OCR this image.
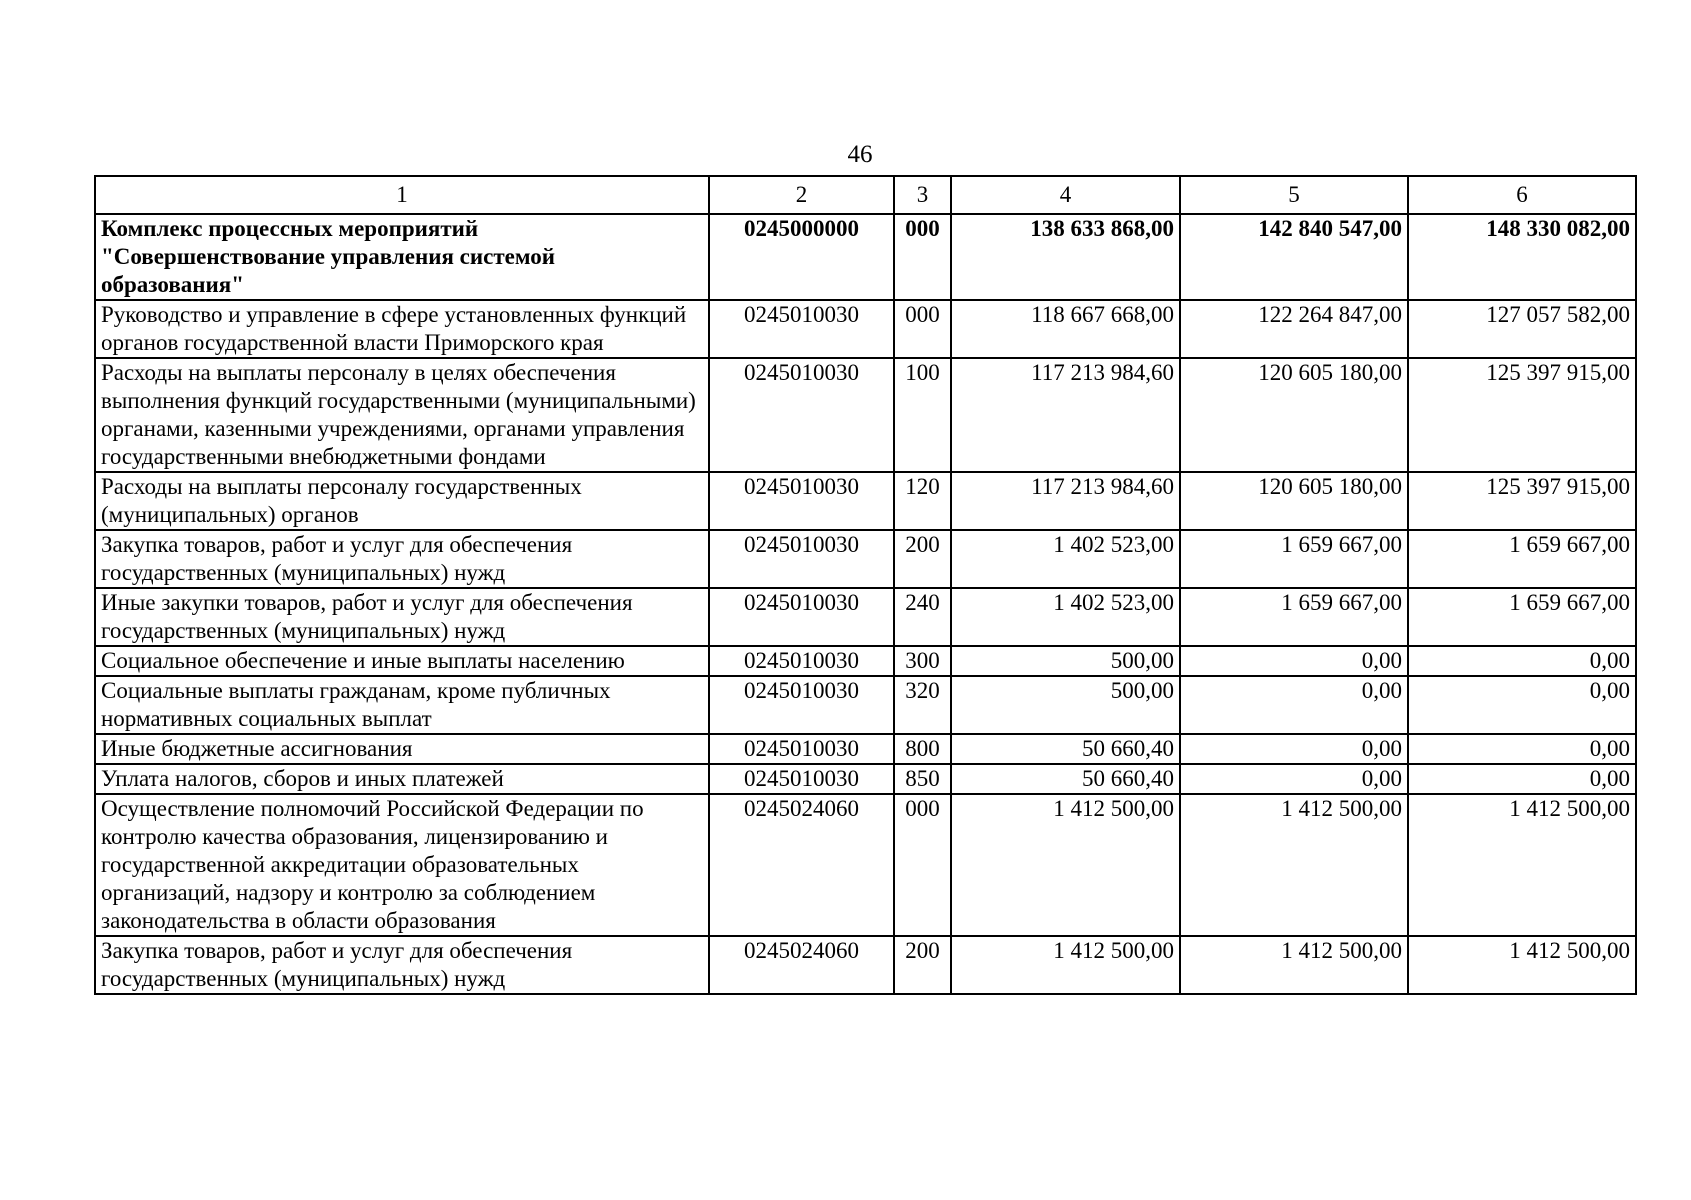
46
1	2	3	4	5	6
Комплекс процессных мероприятий "Совершенствование управления системой образования"	0245000000	000	138 633 868,00	142 840 547,00	148 330 082,00
Руководство и управление в сфере установленных функций органов государственной власти Приморского края	0245010030	000	118 667 668,00	122 264 847,00	127 057 582,00
Расходы на выплаты персоналу в целях обеспечения выполнения функций государственными (муниципальными) органами, казенными учреждениями, органами управления государственными внебюджетными фондами	0245010030	100	117 213 984,60	120 605 180,00	125 397 915,00
Расходы на выплаты персоналу государственных (муниципальных) органов	0245010030	120	117 213 984,60	120 605 180,00	125 397 915,00
Закупка товаров, работ и услуг для обеспечения государственных (муниципальных) нужд	0245010030	200	1 402 523,00	1 659 667,00	1 659 667,00
Иные закупки товаров, работ и услуг для обеспечения государственных (муниципальных) нужд	0245010030	240	1 402 523,00	1 659 667,00	1 659 667,00
Социальное обеспечение и иные выплаты населению	0245010030	300	500,00	0,00	0,00
Социальные выплаты гражданам, кроме публичных нормативных социальных выплат	0245010030	320	500,00	0,00	0,00
Иные бюджетные ассигнования	0245010030	800	50 660,40	0,00	0,00
Уплата налогов, сборов и иных платежей	0245010030	850	50 660,40	0,00	0,00
Осуществление полномочий Российской Федерации по контролю качества образования, лицензированию и государственной аккредитации образовательных организаций, надзору и контролю за соблюдением законодательства в области образования	0245024060	000	1 412 500,00	1 412 500,00	1 412 500,00
Закупка товаров, работ и услуг для обеспечения государственных (муниципальных) нужд	0245024060	200	1 412 500,00	1 412 500,00	1 412 500,00
